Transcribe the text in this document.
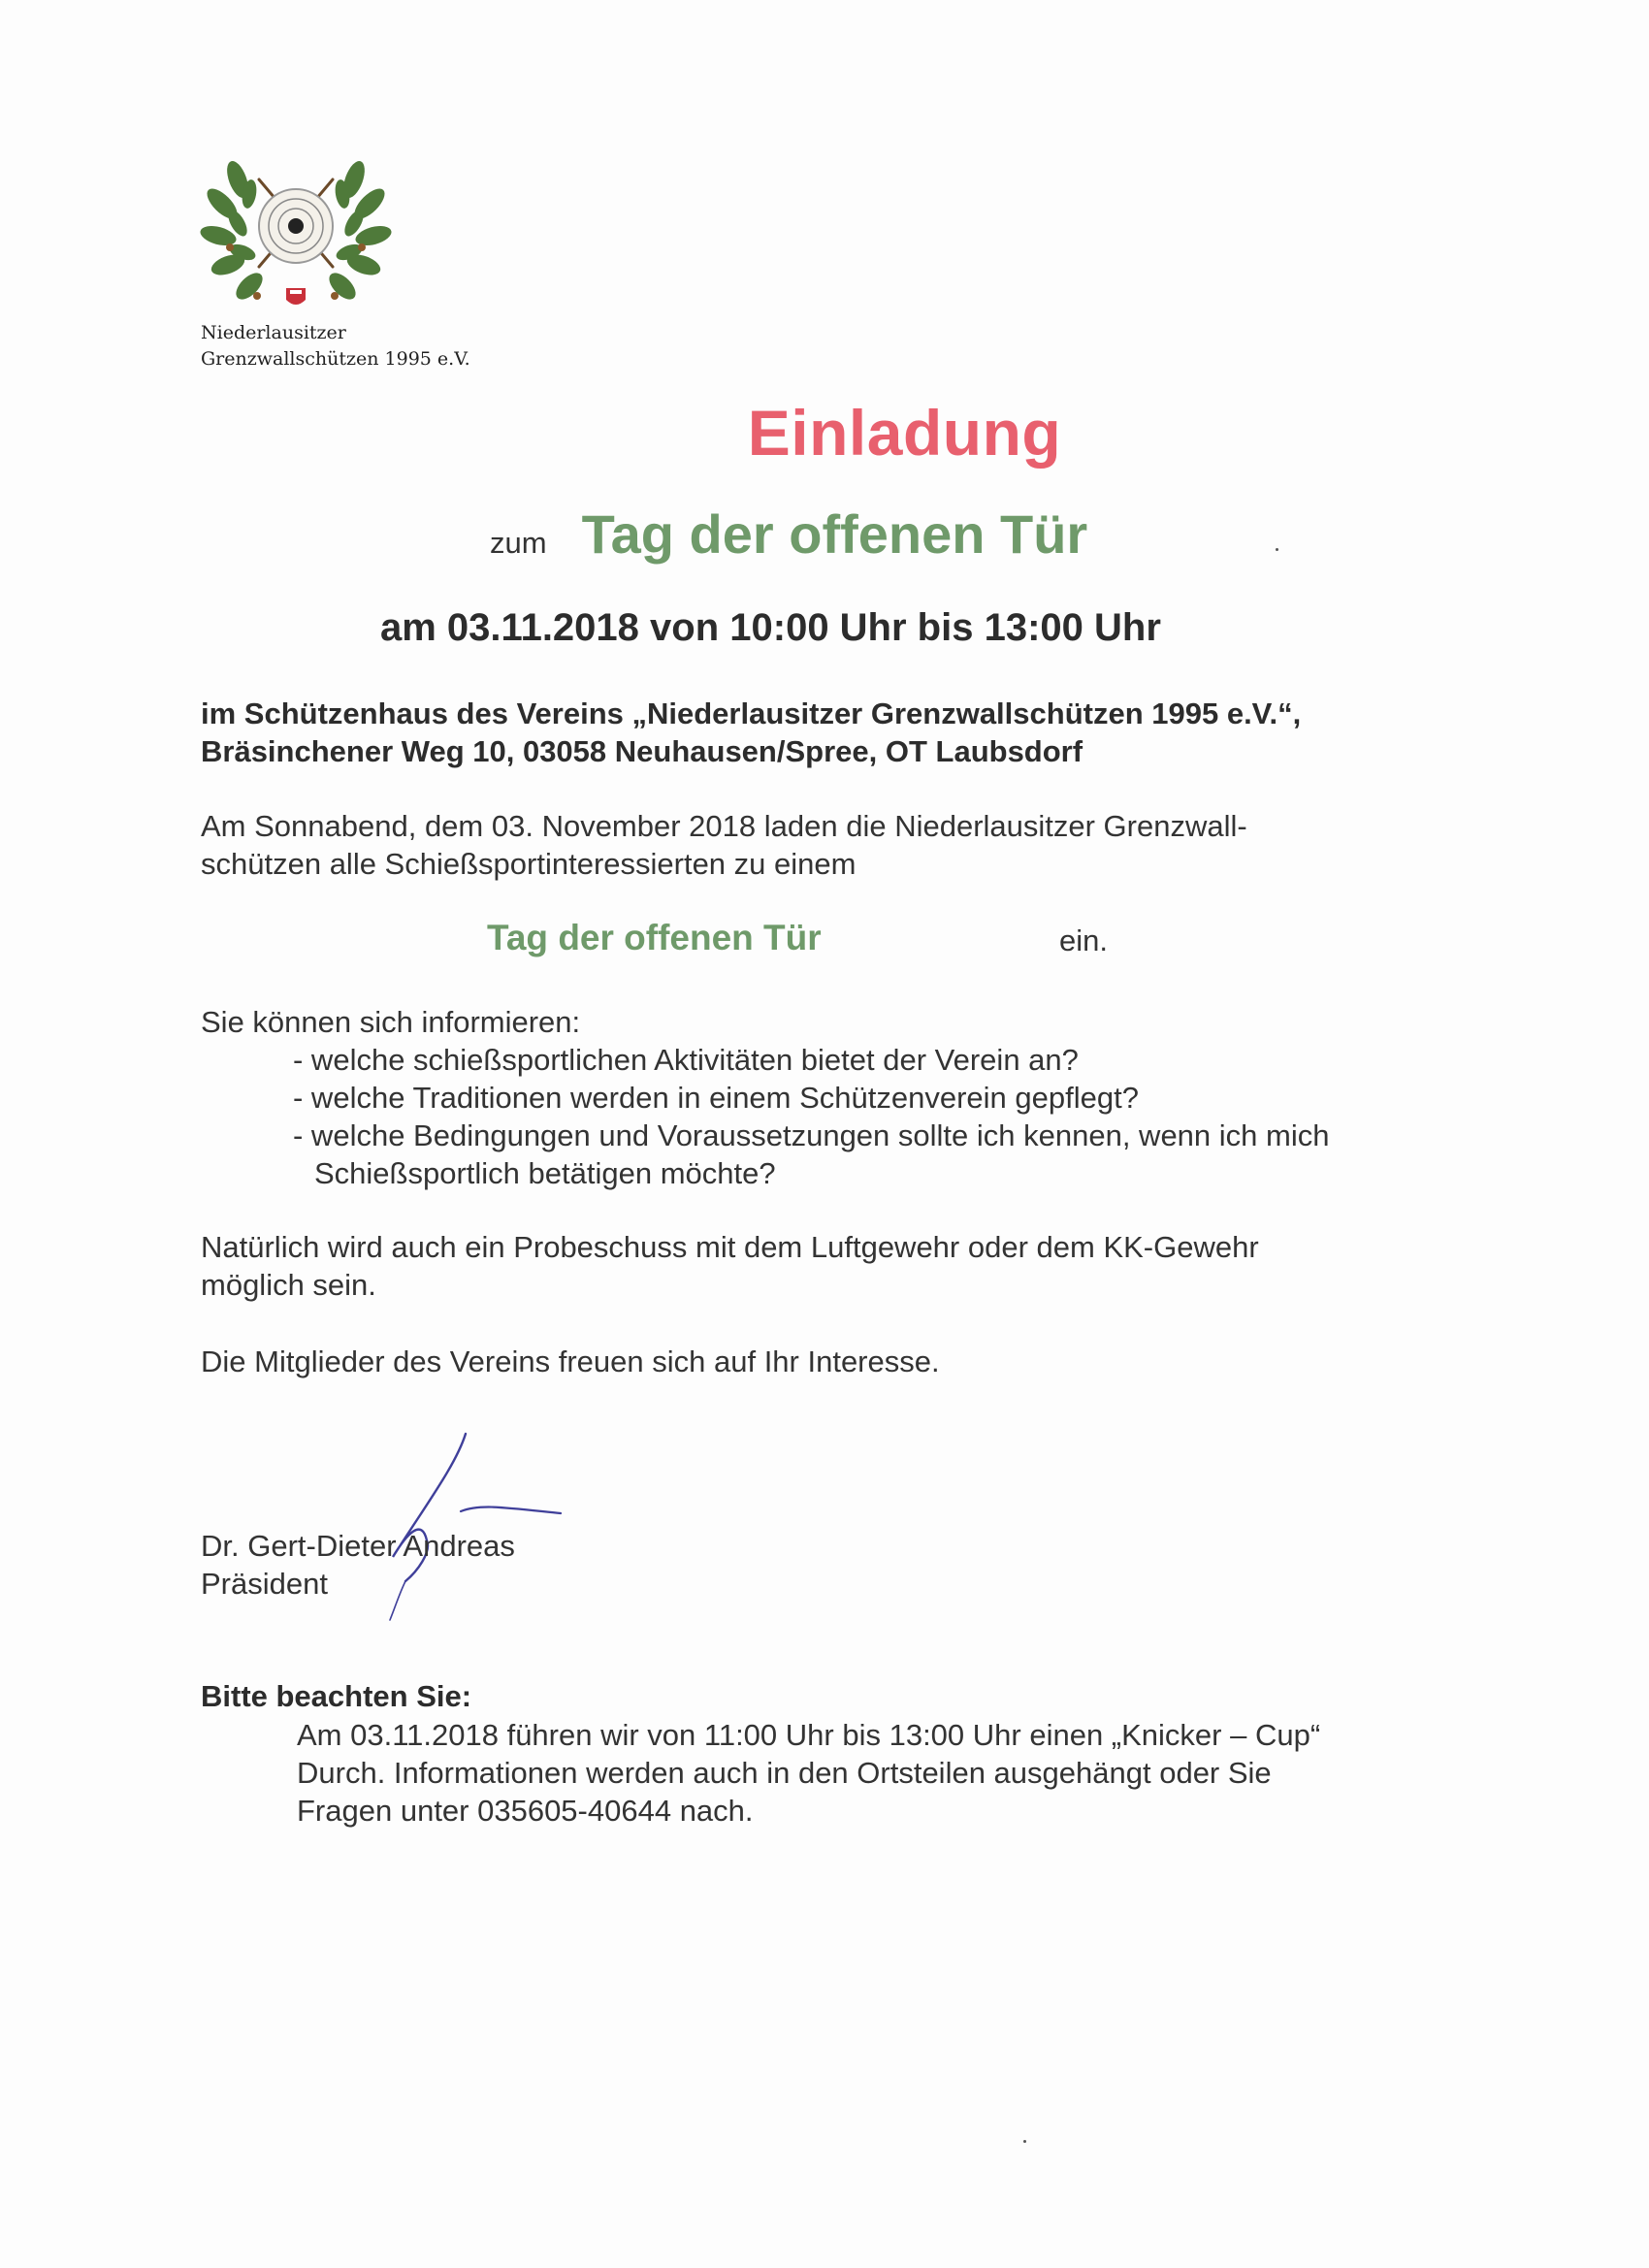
Niederlausitzer
Grenzwallschützen 1995 e.V.
Einladung
zum Tag der offenen Tür
am 03.11.2018 von 10:00 Uhr bis 13:00 Uhr
im Schützenhaus des Vereins „Niederlausitzer Grenzwallschützen 1995 e.V.“,
Bräsinchener Weg 10, 03058 Neuhausen/Spree, OT Laubsdorf
Am Sonnabend, dem 03. November 2018 laden die Niederlausitzer Grenzwall-
schützen alle Schießsportinteressierten zu einem
Tag der offenen Tür	ein.
Sie können sich informieren:
- welche schießsportlichen Aktivitäten bietet der Verein an?
- welche Traditionen werden in einem Schützenverein gepflegt?
- welche Bedingungen und Voraussetzungen sollte ich kennen, wenn ich mich
Schießsportlich betätigen möchte?
Natürlich wird auch ein Probeschuss mit dem Luftgewehr oder dem KK-Gewehr
möglich sein.
Die Mitglieder des Vereins freuen sich auf Ihr Interesse.
Dr. Gert-Dieter Andreas
Präsident
Bitte beachten Sie:
Am 03.11.2018 führen wir von 11:00 Uhr bis 13:00 Uhr einen „Knicker – Cup“
Durch. Informationen werden auch in den Ortsteilen ausgehängt oder Sie
Fragen unter 035605-40644 nach.
